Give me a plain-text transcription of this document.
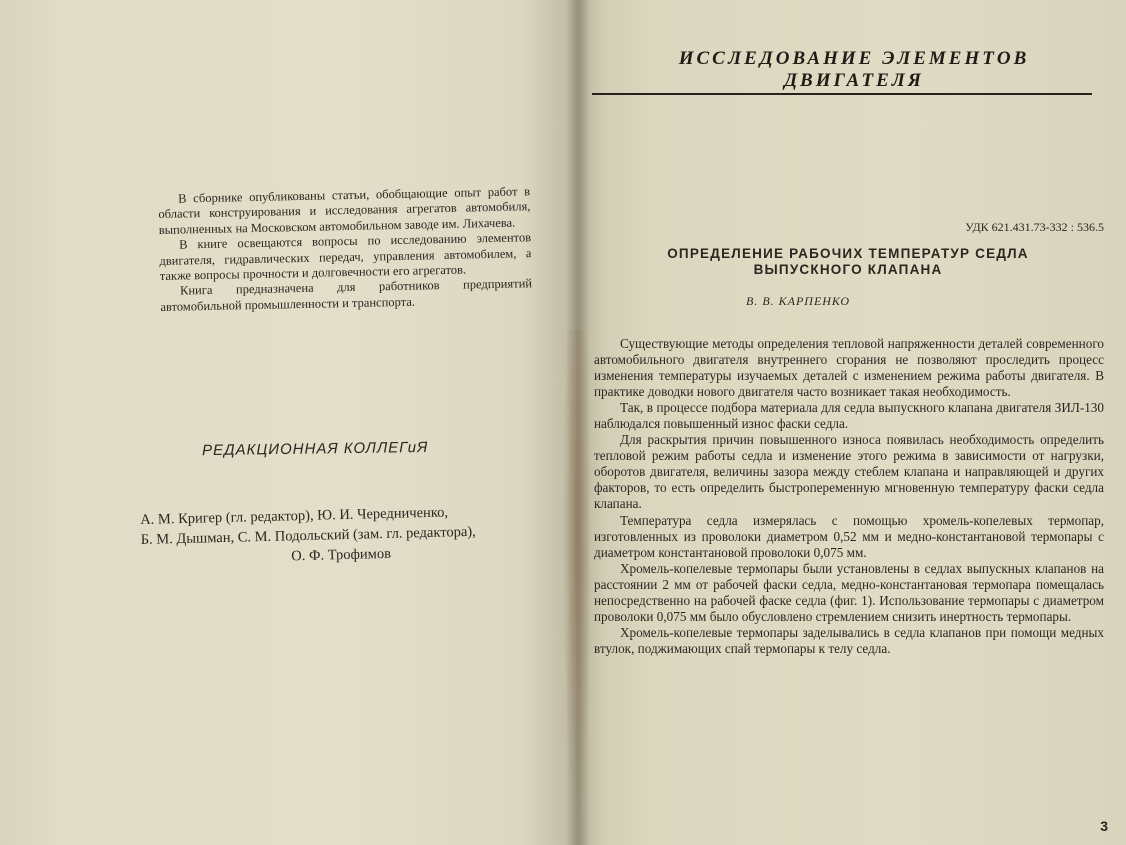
В сборнике опубликованы статьи, обобщающие опыт работ в области конструирования и исследования агрегатов автомобиля, выполненных на Московском автомобильном заводе им. Лихачева.

В книге освещаются вопросы по исследованию элементов двигателя, гидравлических передач, управления автомобилем, а также вопросы прочности и долговечности его агрегатов.

Книга предназначена для работников предприятий автомобильной промышленности и транспорта.

РЕДАКЦИОННАЯ КОЛЛЕГиЯ
А. М. Кригер (гл. редактор), Ю. И. Чередниченко,
Б. М. Дышман, С. М. Подольский (зам. гл. редактора),
О. Ф. Трофимов
ИССЛЕДОВАНИЕ ЭЛЕМЕНТОВ
ДВИГАТЕЛЯ
УДК 621.431.73-332 : 536.5
ОПРЕДЕЛЕНИЕ РАБОЧИХ ТЕМПЕРАТУР СЕДЛА
ВЫПУСКНОГО КЛАПАНА
В. В. КАРПЕНКО

Существующие методы определения тепловой напряженности деталей современного автомобильного двигателя внутреннего сгорания не позволяют проследить процесс изменения температуры изучаемых деталей с изменением режима работы двигателя. В практике доводки нового двигателя часто возникает такая необходимость.

Так, в процессе подбора материала для седла выпускного клапана двигателя ЗИЛ-130 наблюдался повышенный износ фаски седла.

Для раскрытия причин повышенного износа появилась необходимость определить тепловой режим работы седла и изменение этого режима в зависимости от нагрузки, оборотов двигателя, величины зазора между стеблем клапана и направляющей и других факторов, то есть определить быстропеременную мгновенную температуру фаски седла клапана.

Температура седла измерялась с помощью хромель-копелевых термопар, изготовленных из проволоки диаметром 0,52 мм и медно-константановой термопары с диаметром константановой проволоки 0,075 мм.

Хромель-копелевые термопары были установлены в седлах выпускных клапанов на расстоянии 2 мм от рабочей фаски седла, медно-константановая термопара помещалась непосредственно на рабочей фаске седла (фиг. 1). Использование термопары с диаметром проволоки 0,075 мм было обусловлено стремлением снизить инертность термопары.

Хромель-копелевые термопары заделывались в седла клапанов при помощи медных втулок, поджимающих спай термопары к телу седла.

3
